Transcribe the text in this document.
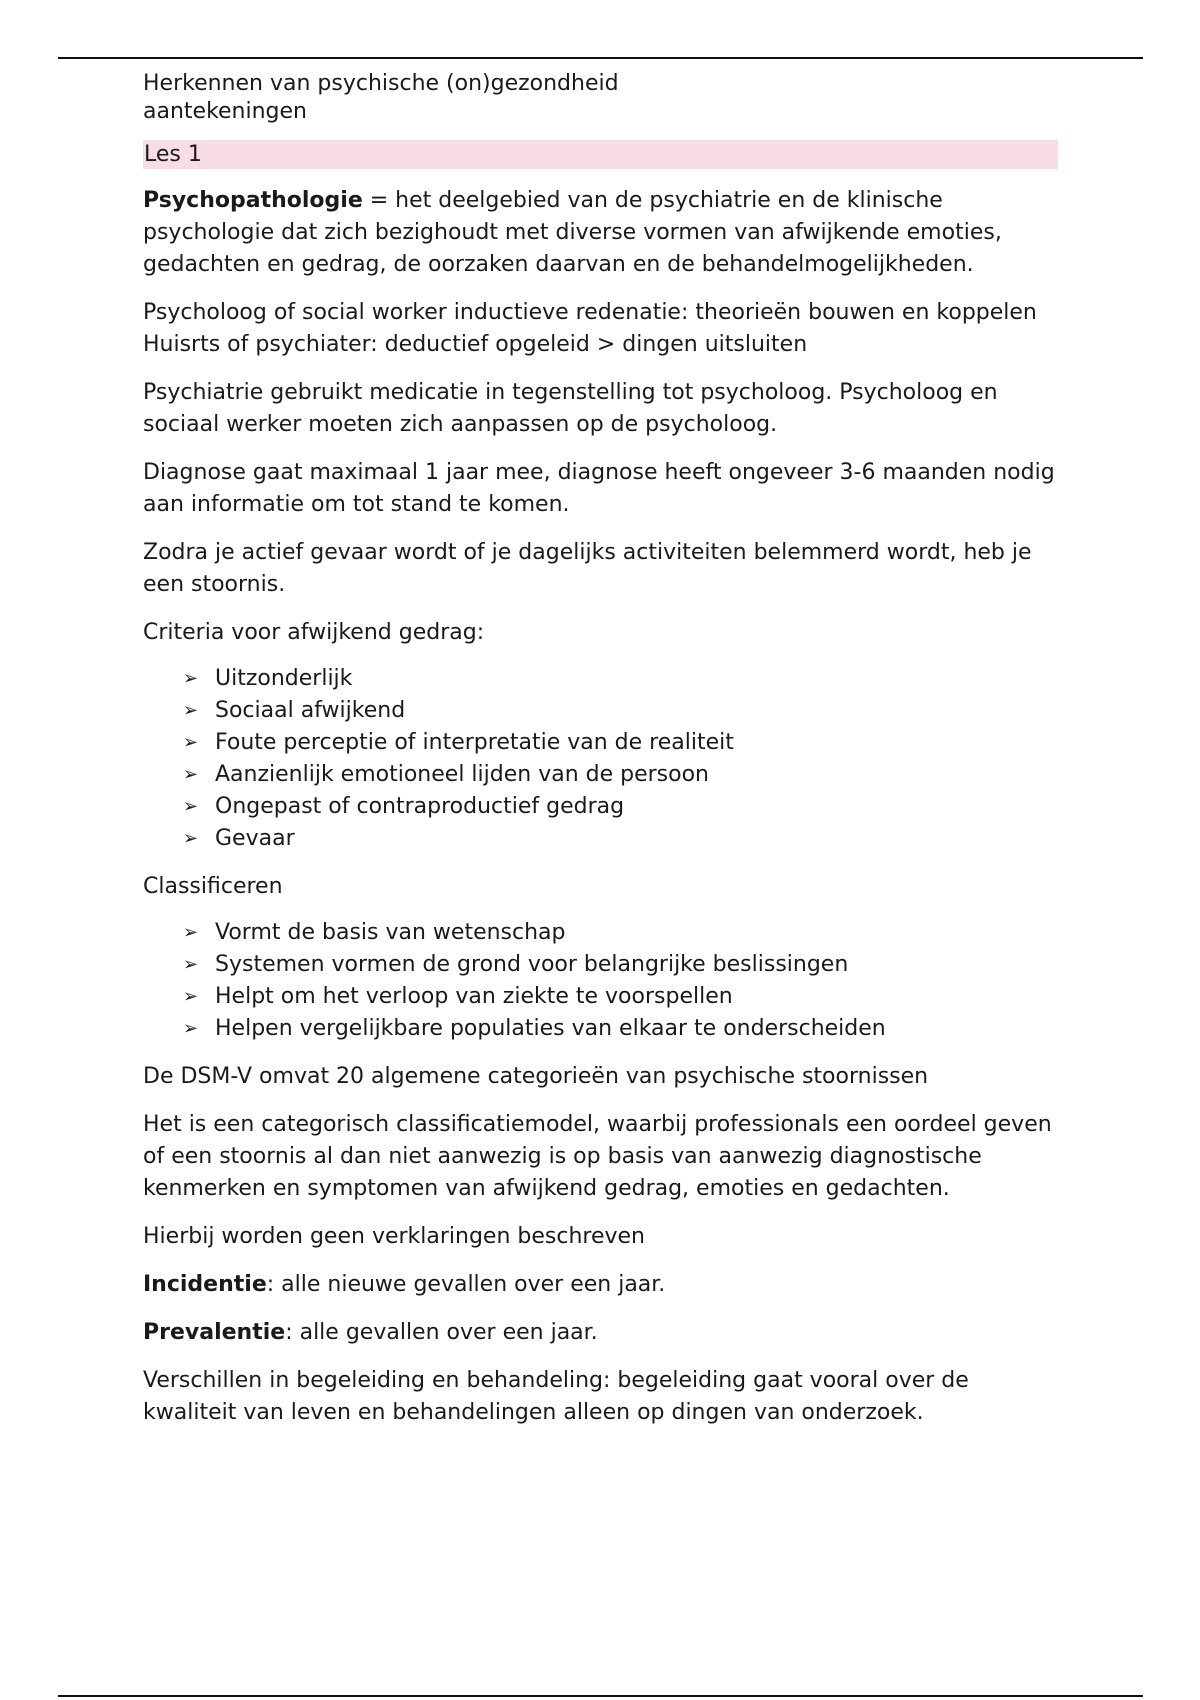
Herkennen van psychische (on)gezondheid

aantekeningen

Les 1

Psychopathologie = het deelgebied van de psychiatrie en de klinische psychologie dat zich bezighoudt met diverse vormen van afwijkende emoties, gedachten en gedrag, de oorzaken daarvan en de behandelmogelijkheden.

Psycholoog of social worker inductieve redenatie: theorieën bouwen en koppelen Huisrts of psychiater: deductief opgeleid > dingen uitsluiten

Psychiatrie gebruikt medicatie in tegenstelling tot psycholoog. Psycholoog en sociaal werker moeten zich aanpassen op de psycholoog.

Diagnose gaat maximaal 1 jaar mee, diagnose heeft ongeveer 3-6 maanden nodig aan informatie om tot stand te komen.

Zodra je actief gevaar wordt of je dagelijks activiteiten belemmerd wordt, heb je een stoornis.

Criteria voor afwijkend gedrag:

➢ Uitzonderlijk
➢ Sociaal afwijkend
➢ Foute perceptie of interpretatie van de realiteit
➢ Aanzienlijk emotioneel lijden van de persoon
➢ Ongepast of contraproductief gedrag
➢ Gevaar

Classificeren

➢ Vormt de basis van wetenschap
➢ Systemen vormen de grond voor belangrijke beslissingen
➢ Helpt om het verloop van ziekte te voorspellen
➢ Helpen vergelijkbare populaties van elkaar te onderscheiden

De DSM-V omvat 20 algemene categorieën van psychische stoornissen

Het is een categorisch classificatiemodel, waarbij professionals een oordeel geven of een stoornis al dan niet aanwezig is op basis van aanwezig diagnostische kenmerken en symptomen van afwijkend gedrag, emoties en gedachten.

Hierbij worden geen verklaringen beschreven

Incidentie: alle nieuwe gevallen over een jaar.

Prevalentie: alle gevallen over een jaar.

Verschillen in begeleiding en behandeling: begeleiding gaat vooral over de kwaliteit van leven en behandelingen alleen op dingen van onderzoek.
